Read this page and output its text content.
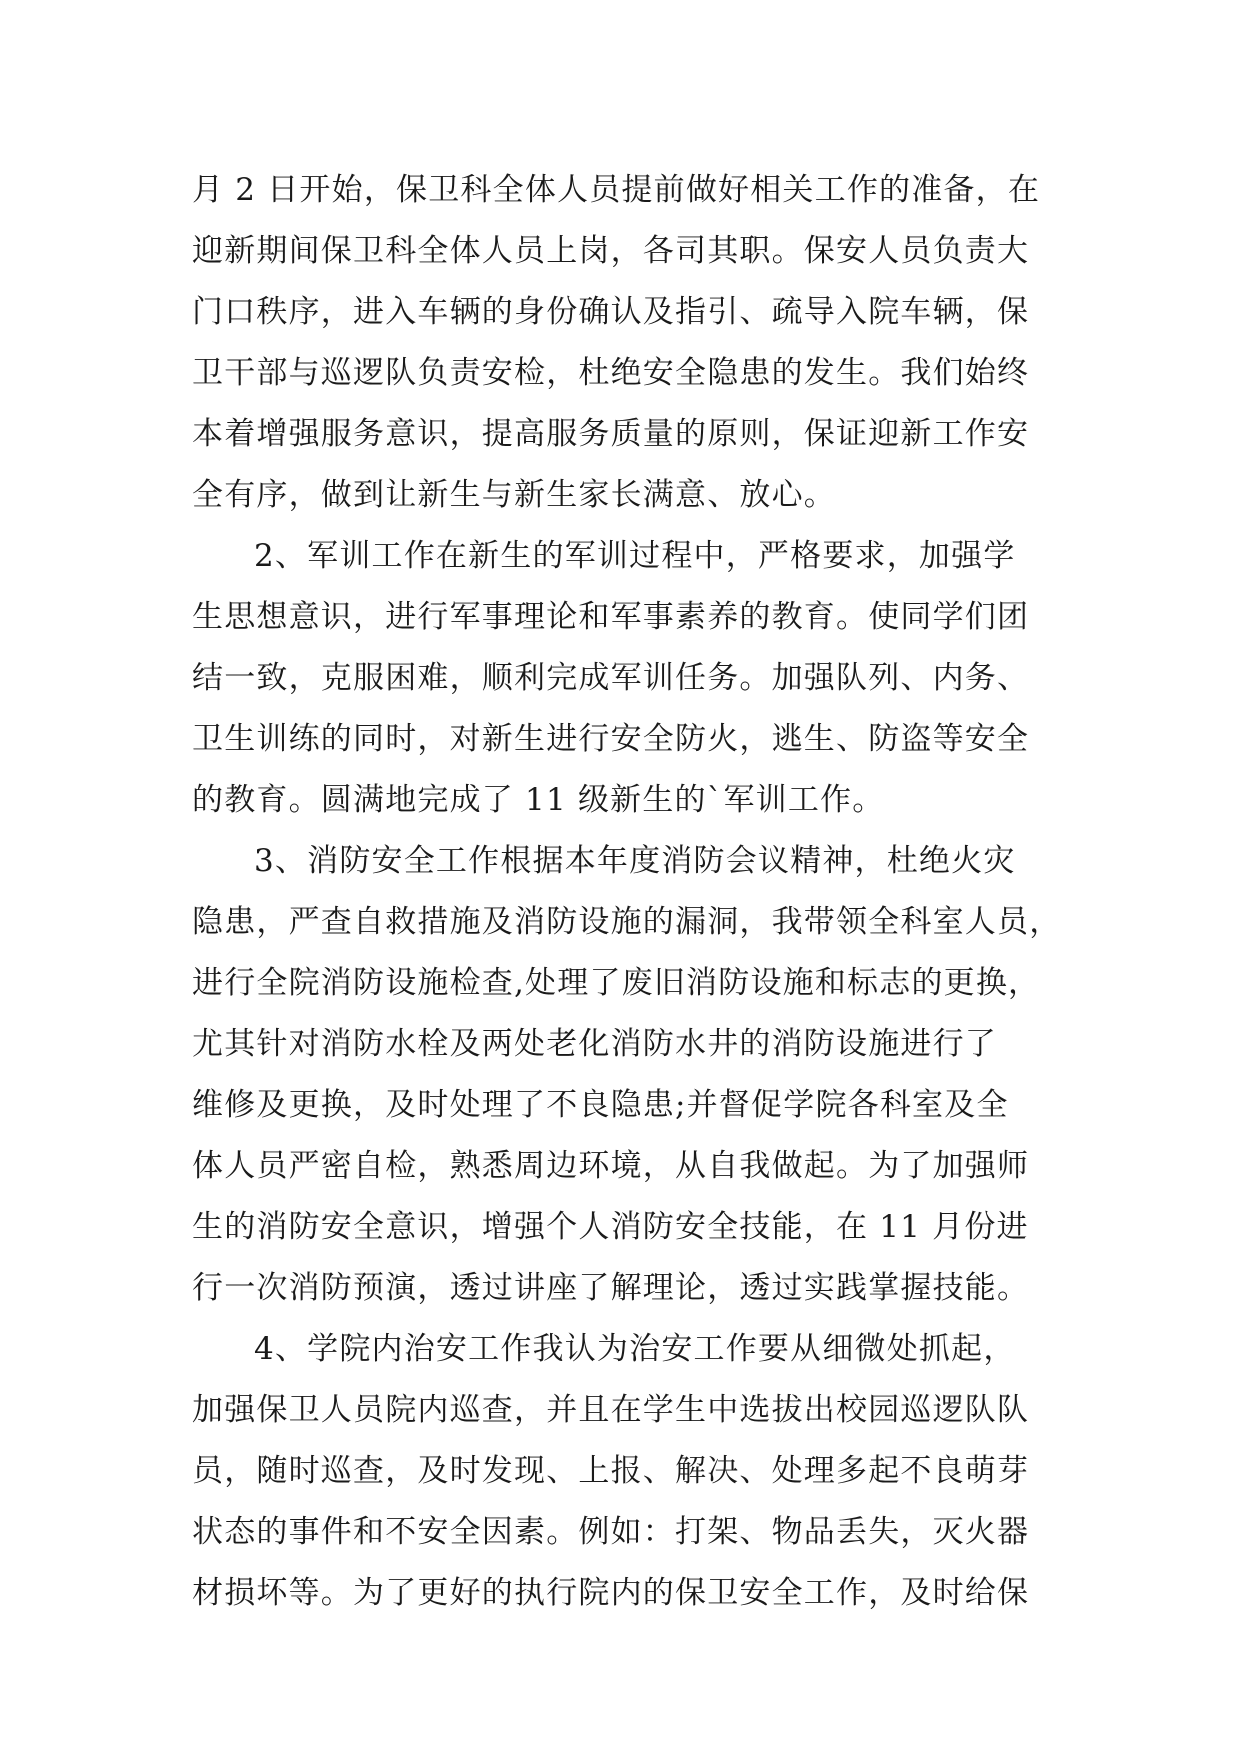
月 2 日开始，保卫科全体人员提前做好相关工作的准备，在
迎新期间保卫科全体人员上岗，各司其职。保安人员负责大
门口秩序，进入车辆的身份确认及指引、疏导入院车辆，保
卫干部与巡逻队负责安检，杜绝安全隐患的发生。我们始终
本着增强服务意识，提高服务质量的原则，保证迎新工作安
全有序，做到让新生与新生家长满意、放心。
2、军训工作在新生的军训过程中，严格要求，加强学
生思想意识，进行军事理论和军事素养的教育。使同学们团
结一致，克服困难，顺利完成军训任务。加强队列、内务、
卫生训练的同时，对新生进行安全防火，逃生、防盗等安全
的教育。圆满地完成了 11 级新生的`军训工作。
3、消防安全工作根据本年度消防会议精神，杜绝火灾
隐患，严查自救措施及消防设施的漏洞，我带领全科室人员，
进行全院消防设施检查,处理了废旧消防设施和标志的更换，
尤其针对消防水栓及两处老化消防水井的消防设施进行了
维修及更换，及时处理了不良隐患;并督促学院各科室及全
体人员严密自检，熟悉周边环境，从自我做起。为了加强师
生的消防安全意识，增强个人消防安全技能，在 11 月份进
行一次消防预演，透过讲座了解理论，透过实践掌握技能。
4、学院内治安工作我认为治安工作要从细微处抓起，
加强保卫人员院内巡查，并且在学生中选拔出校园巡逻队队
员，随时巡查，及时发现、上报、解决、处理多起不良萌芽
状态的事件和不安全因素。例如：打架、物品丢失，灭火器
材损坏等。为了更好的执行院内的保卫安全工作，及时给保
